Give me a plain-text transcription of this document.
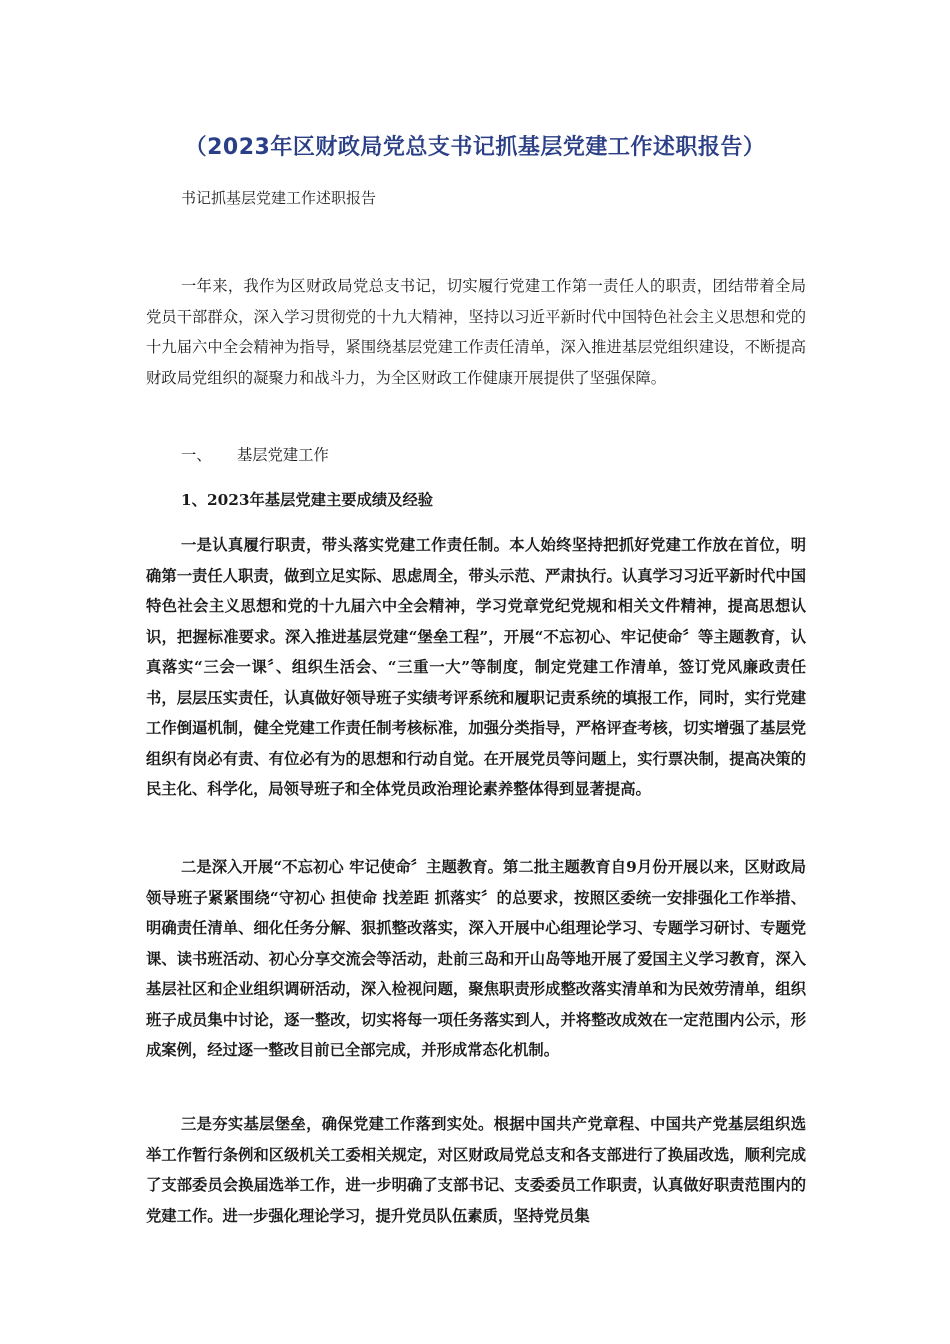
（2023年区财政局党总支书记抓基层党建工作述职报告）

书记抓基层党建工作述职报告

一年来，我作为区财政局党总支书记，切实履行党建工作第一责任人的职责，团结带着全局党员干部群众，深入学习贯彻党的十九大精神，坚持以习近平新时代中国特色社会主义思想和党的十九届六中全会精神为指导，紧围绕基层党建工作责任清单，深入推进基层党组织建设，不断提高财政局党组织的凝聚力和战斗力，为全区财政工作健康开展提供了坚强保障。

一、 基层党建工作

1、2023年基层党建主要成绩及经验

一是认真履行职责，带头落实党建工作责任制。本人始终坚持把抓好党建工作放在首位，明确第一责任人职责，做到立足实际、思虑周全，带头示范、严肃执行。认真学习习近平新时代中国特色社会主义思想和党的十九届六中全会精神，学习党章党纪党规和相关文件精神，提高思想认识，把握标准要求。深入推进基层党建“堡垒工程”，开展“不忘初心、牢记使命〞等主题教育，认真落实“三会一课〞、组织生活会、“三重一大”等制度，制定党建工作清单，签订党风廉政责任书，层层压实责任，认真做好领导班子实绩考评系统和履职记责系统的填报工作，同时，实行党建工作倒逼机制，健全党建工作责任制考核标准，加强分类指导，严格评查考核，切实增强了基层党组织有岗必有责、有位必有为的思想和行动自觉。在开展党员等问题上，实行票决制，提高决策的民主化、科学化，局领导班子和全体党员政治理论素养整体得到显著提高。

二是深入开展“不忘初心 牢记使命〞主题教育。第二批主题教育自9月份开展以来，区财政局领导班子紧紧围绕“守初心 担使命 找差距 抓落实〞的总要求，按照区委统一安排强化工作举措、明确责任清单、细化任务分解、狠抓整改落实，深入开展中心组理论学习、专题学习研讨、专题党课、读书班活动、初心分享交流会等活动，赴前三岛和开山岛等地开展了爱国主义学习教育，深入基层社区和企业组织调研活动，深入检视问题，聚焦职责形成整改落实清单和为民效劳清单，组织班子成员集中讨论，逐一整改，切实将每一项任务落实到人，并将整改成效在一定范围内公示，形成案例，经过逐一整改目前已全部完成，并形成常态化机制。

三是夯实基层堡垒，确保党建工作落到实处。根据中国共产党章程、中国共产党基层组织选举工作暂行条例和区级机关工委相关规定，对区财政局党总支和各支部进行了换届改选，顺利完成了支部委员会换届选举工作，进一步明确了支部书记、支委委员工作职责，认真做好职责范围内的党建工作。进一步强化理论学习，提升党员队伍素质，坚持党员集
